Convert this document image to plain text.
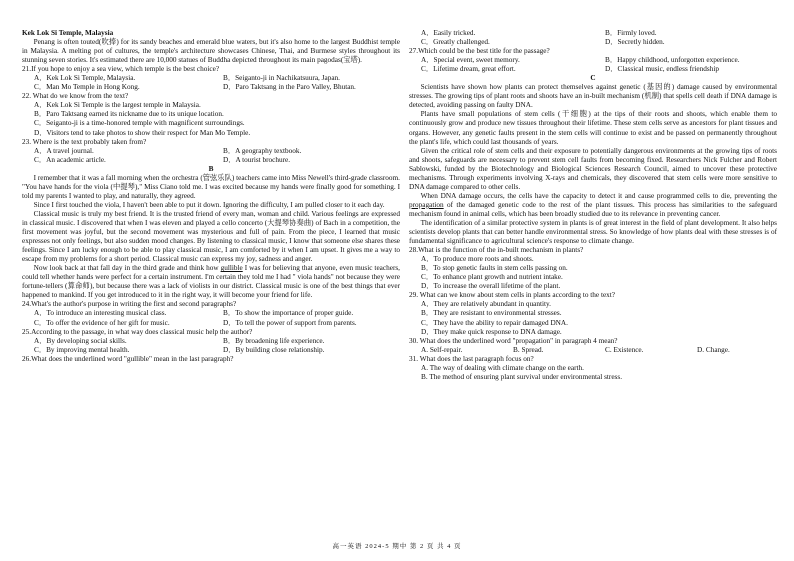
Kek Lok Si Temple, Malaysia

Penang is often touted(吹捧) for its sandy beaches and emerald blue waters, but it's also home to the largest Buddhist temple in Malaysia. A melting pot of cultures, the temple's architecture showcases Chinese, Thai, and Burmese styles throughout its stunning seven stories. It's estimated there are 10,000 statues of Buddha depicted throughout its main pagodas(宝塔).

21.If you hope to enjoy a sea view, which temple is the best choice?

A．Kek Lok Si Temple, Malaysia.	B．Seiganto-ji in Nachikatsuura, Japan.
C．Man Mo Temple in Hong Kong.	D．Paro Taktsang in the Paro Valley, Bhutan.

22. What do we know from the text?

A．Kek Lok Si Temple is the largest temple in Malaysia.

B．Paro Taktsang earned its nickname due to its unique location.

C．Seiganto-ji is a time-honored temple with magnificent surroundings.

D．Visitors tend to take photos to show their respect for Man Mo Temple.

23. Where is the text probably taken from?

A．A travel journal.	B．A geography textbook.
C．An academic article.	D．A tourist brochure.

B

I remember that it was a fall morning when the orchestra (管弦乐队) teachers came into Miss Newell's third-grade classroom. "You have hands for the viola (中提琴)," Miss Ciano told me. I was excited because my hands were finally good for something. I told my parents I wanted to play, and naturally, they agreed.

Since I first touched the viola, I haven't been able to put it down. Ignoring the difficulty, I am pulled closer to it each day.

Classical music is truly my best friend. It is the trusted friend of every man, woman and child. Various feelings are expressed in classical music. I discovered that when I was eleven and played a cello concerto (大提琴协奏曲) of Bach in a competition, the first movement was joyful, but the second movement was mysterious and full of pain. From the piece, I learned that music expresses not only feelings, but also sudden mood changes. By listening to classical music, I know that someone else shares these feelings. Since I am lucky enough to be able to play classical music, I am comforted by it when I am upset. It gives me a way to escape from my problems for a short period. Classical music can express my joy, sadness and anger.

Now look back at that fall day in the third grade and think how gullible I was for believing that anyone, even music teachers, could tell whether hands were perfect for a certain instrument. I'm certain they told me I had " viola hands" not because they were fortune-tellers (算命师), but because there was a lack of violists in our district. Classical music is one of the best things that ever happened to mankind. If you get introduced to it in the right way, it will become your friend for life.

24.What's the author's purpose in writing the first and second paragraphs?

A．To introduce an interesting musical class.	B．To show the importance of proper guide.
C．To offer the evidence of her gift for music.	D．To tell the power of support from parents.

25.According to the passage, in what way does classical music help the author?

A．By developing social skills.	B．By broadening life experience.
C．By improving mental health.	D．By building close relationship.

26.What does the underlined word "gullible" mean in the last paragraph?

A．Easily tricked.	B．Firmly loved.
C．Greatly challenged.	D．Secretly hidden.

27.Which could be the best title for the passage?

A．Special event, sweet memory.	B．Happy childhood, unforgotten experience.
C．Lifetime dream, great effort.	D．Classical music, endless friendship

C

Scientists have shown how plants can protect themselves against genetic (基因的) damage caused by environmental stresses. The growing tips of plant roots and shoots have an in-built mechanism (机制) that spells cell death if DNA damage is detected, avoiding passing on faulty DNA.

Plants have small populations of stem cells (干细胞) at the tips of their roots and shoots, which enable them to continuously grow and produce new tissues throughout their lifetime. These stem cells serve as ancestors for plant tissues and organs. However, any genetic faults present in the stem cells will continue to exist and be passed on permanently throughout the plant's life, which could last thousands of years.

Given the critical role of stem cells and their exposure to potentially dangerous environments at the growing tips of roots and shoots, safeguards are necessary to prevent stem cell faults from becoming fixed. Researchers Nick Fulcher and Robert Sablowski, funded by the Biotechnology and Biological Sciences Research Council, aimed to uncover these protective mechanisms. Through experiments involving X-rays and chemicals, they discovered that stem cells were more sensitive to DNA damage compared to other cells.

When DNA damage occurs, the cells have the capacity to detect it and cause programmed cells to die, preventing the propagation of the damaged genetic code to the rest of the plant tissues. This process has similarities to the safeguard mechanism found in animal cells, which has been broadly studied due to its relevance in preventing cancer.

The identification of a similar protective system in plants is of great interest in the field of plant development. It also helps scientists develop plants that can better handle environmental stress. So knowledge of how plants deal with these stresses is of fundamental significance to agricultural science's response to climate change.

28.What is the function of the in-built mechanism in plants?

A．To produce more roots and shoots.

B．To stop genetic faults in stem cells passing on.

C．To enhance plant growth and nutrient intake.

D．To increase the overall lifetime of the plant.

29. What can we know about stem cells in plants according to the text?

A．They are relatively abundant in quantity.

B．They are resistant to environmental stresses.

C．They have the ability to repair damaged DNA.

D．They make quick response to DNA damage.

30. What does the underlined word "propagation" in paragraph 4 mean?

A. Self-repair.	B. Spread.	C. Existence.	D. Change.

31. What does the last paragraph focus on?

A. The way of dealing with climate change on the earth.

B. The method of ensuring plant survival under environmental stress.

高一英语 2024-5 期中 第 2 页 共 4 页
